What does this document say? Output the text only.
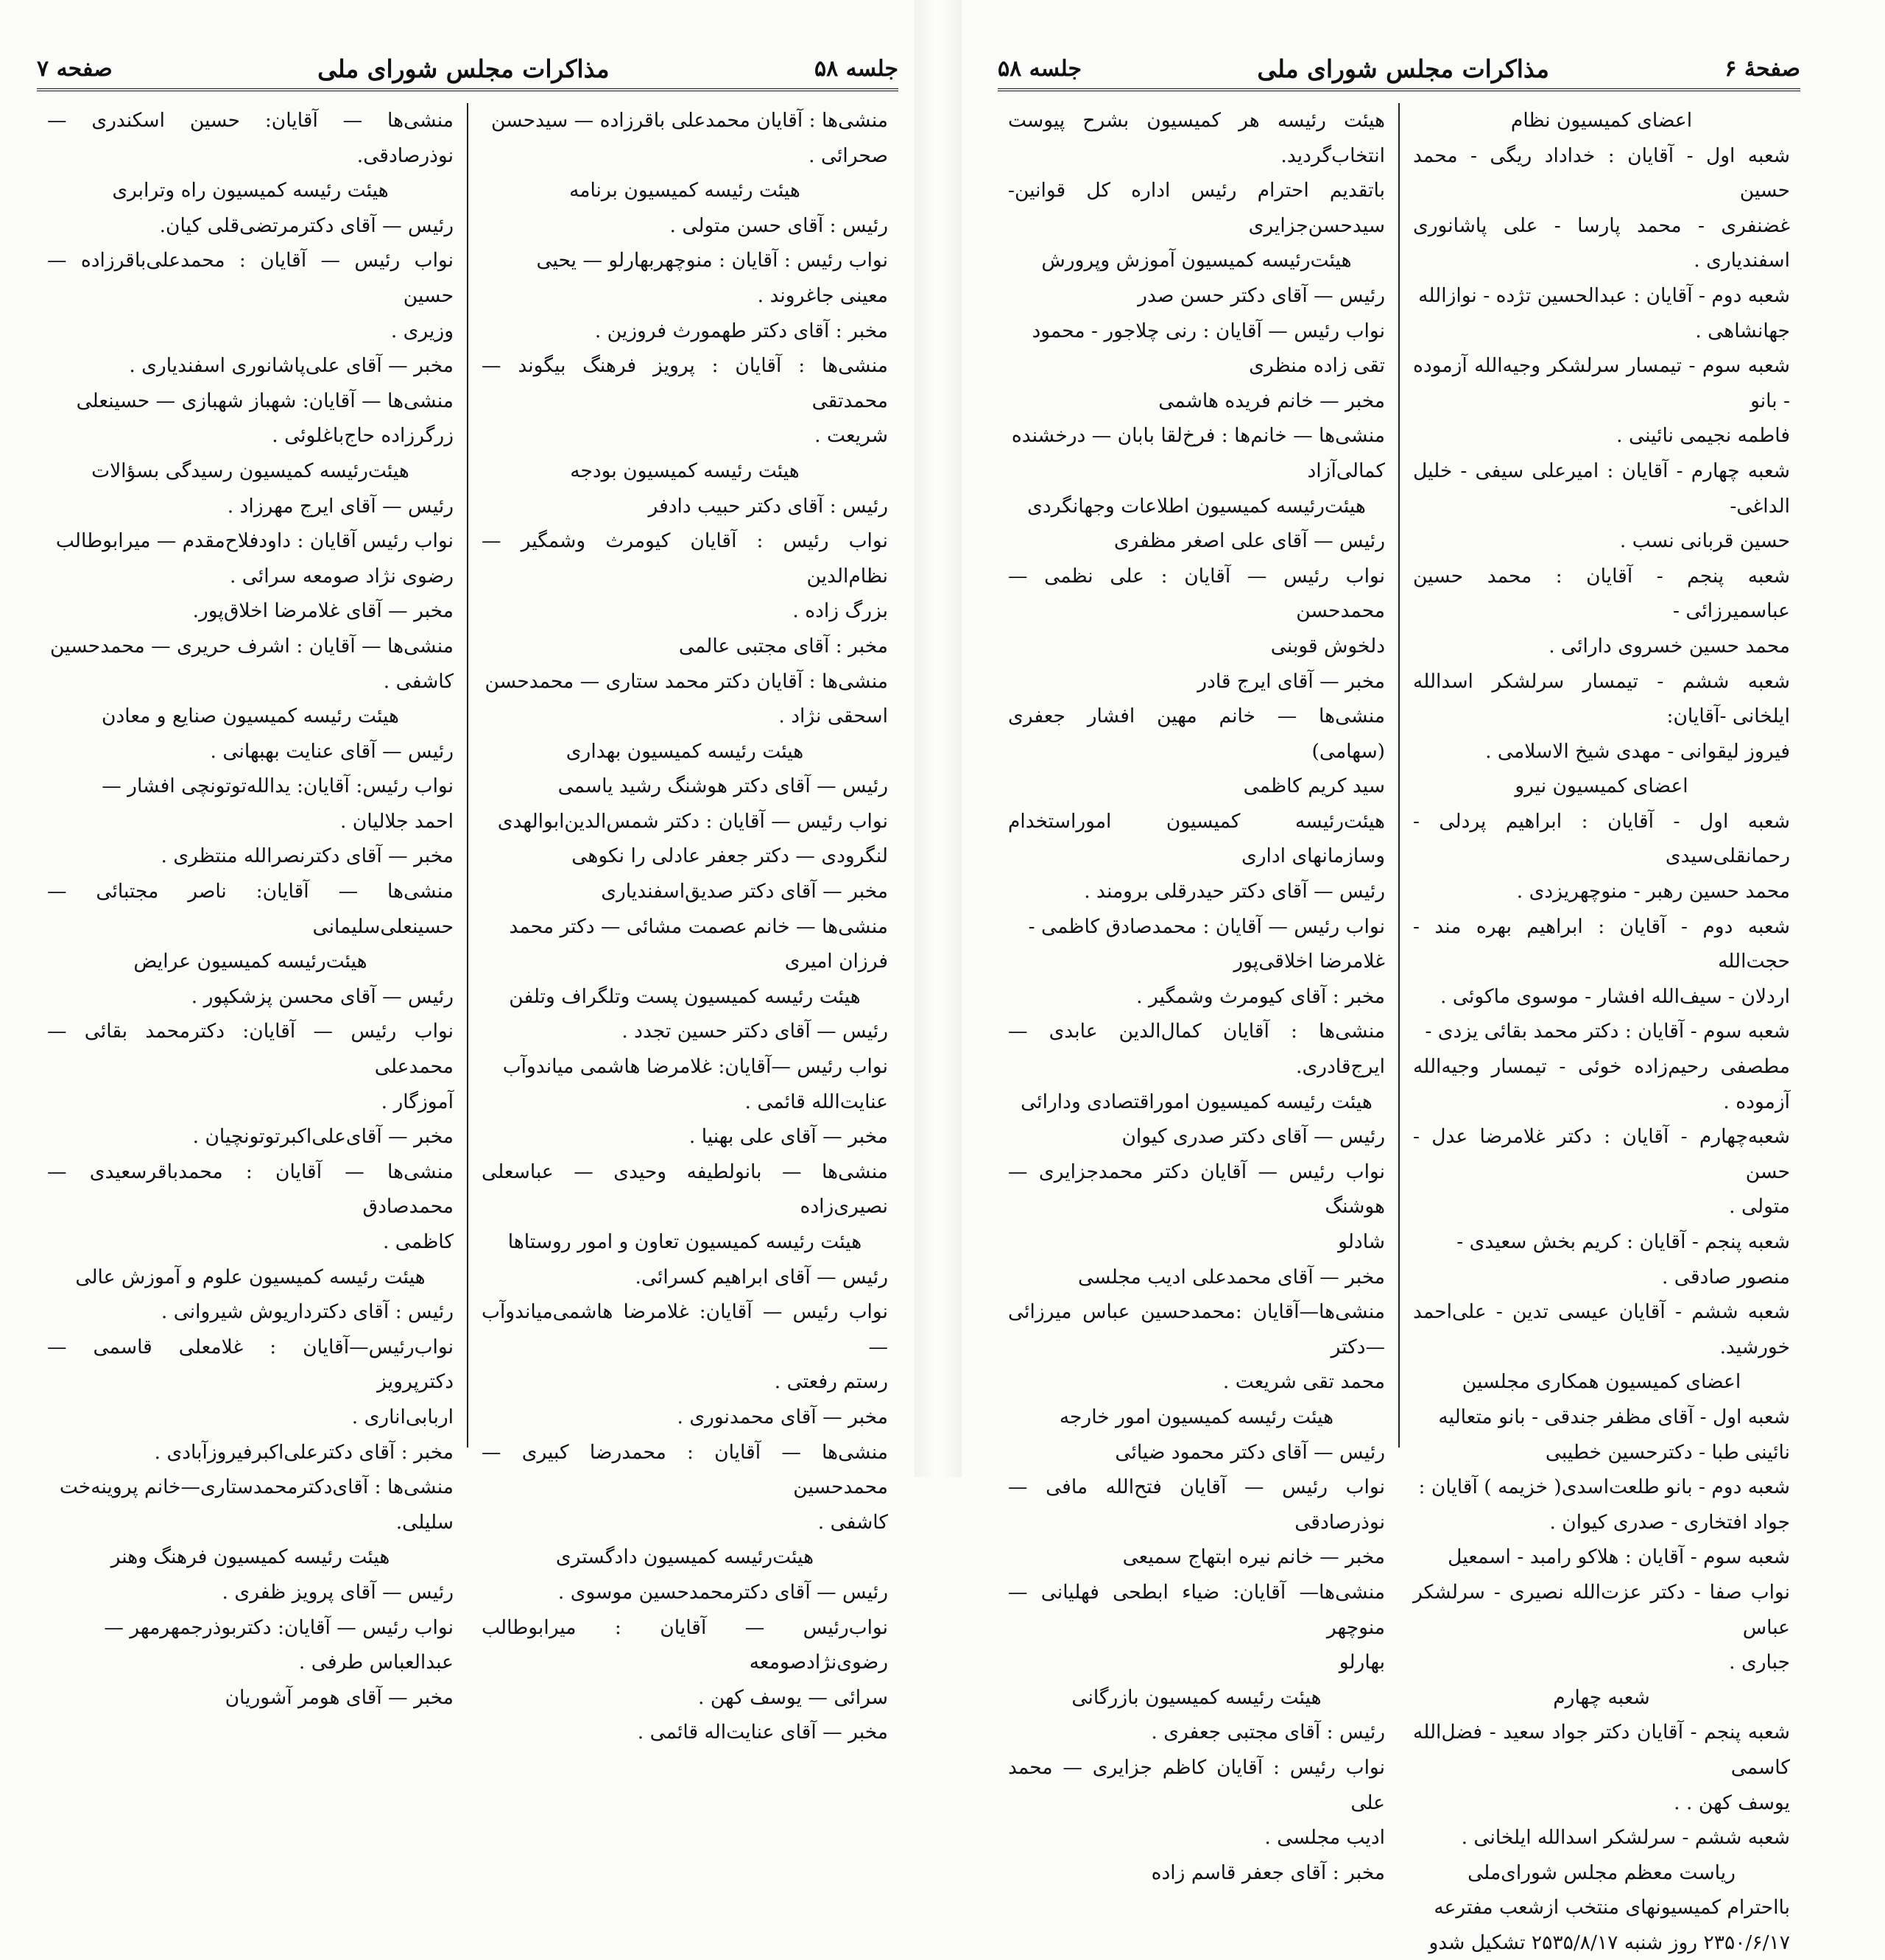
صفحهٔ ۶
مذاکرات مجلس شورای ملی
جلسه ۵۸

اعضای کمیسیون نظام

شعبه اول - آقایان : خداداد ریگی - محمد حسین

غضنفری - محمد پارسا - علی پاشانوری اسفندیاری .

شعبه دوم - آقایان : عبدالحسین تژده - نوازالله

جهانشاهی .

شعبه سوم - تیمسار سرلشکر وجیه‌الله آزموده - بانو

فاطمه نجیمی نائینی .

شعبه چهارم - آقایان : امیرعلی سیفی - خلیل الداغی-

حسین قربانی نسب .

شعبه پنجم - آقایان : محمد حسین عباسمیرزائی -

محمد حسین خسروی دارائی .

شعبه ششم - تیمسار سرلشکر اسدالله ایلخانی -آقایان:

فیروز لیقوانی - مهدی شیخ الاسلامی .

اعضای کمیسیون نیرو

شعبه اول - آقایان : ابراهیم پردلی - رحمانقلی‌سیدی

محمد حسین رهبر - منوچهریزدی .

شعبه دوم - آقایان : ابراهیم بهره مند - حجت‌الله

اردلان - سیف‌الله افشار - موسوی ماکوئی .

شعبه سوم - آقایان : دکتر محمد بقائی یزدی -

مطصفی رحیم‌زاده خوئی - تیمسار وجیه‌الله آزموده .

شعبه‌چهارم - آقایان : دکتر غلامرضا عدل - حسن

متولی .

شعبه پنجم - آقایان : کریم بخش سعیدی -

منصور صادقی .

شعبه ششم - آقایان عیسی تدین - علی‌احمد خورشید.

اعضای کمیسیون همکاری مجلسین

شعبه اول - آقای مظفر جندقی - بانو متعالیه

نائینی طبا - دکترحسین خطیبی

شعبه دوم - بانو طلعت‌اسدی( خزیمه ) آقایان :

جواد افتخاری - صدری کیوان .

شعبه سوم - آقایان : هلاکو رامبد - اسمعیل

نواب صفا - دکتر عزت‌الله نصیری - سرلشکر عباس

جباری .

شعبه چهارم

شعبه پنجم - آقایان دکتر جواد سعید - فضل‌الله کاسمی

یوسف کهن . .

شعبه ششم - سرلشکر اسدالله ایلخانی .

ریاست معظم مجلس شورای‌ملی

بااحترام کمیسیونهای منتخب ازشعب مفترعه

۲۳۵۰/۶/۱۷ روز شنبه ۲۵۳۵/۸/۱۷ تشکیل شدو

هیئت رئیسه هر کمیسیون بشرح پیوست انتخاب‌گردید.

باتقدیم احترام رئیس اداره کل قوانین-سیدحسن‌جزایری

هیئت‌رئیسه کمیسیون آموزش وپرورش

رئیس — آقای دکتر حسن صدر

نواب رئیس — آقایان : رنی چلاجور - محمود

تقی زاده منظری

مخبر — خانم فریده هاشمی

منشی‌ها — خانم‌ها : فرخ‌لقا بابان — درخشنده

کمالی‌آزاد

هیئت‌رئیسه کمیسیون اطلاعات وجهانگردی

رئیس — آقای علی اصغر مظفری

نواب رئیس — آقایان : علی نظمی — محمدحسن

دلخوش قوبنی

مخبر — آقای ایرج قادر

منشی‌ها — خانم مهین افشار جعفری (سهامی)

سید کریم کاظمی

هیئت‌رئیسه کمیسیون اموراستخدام وسازمانهای اداری

رئیس — آقای دکتر حیدرقلی برومند .

نواب رئیس — آقایان : محمدصادق کاظمی -

غلامرضا اخلاقی‌پور

مخبر : آقای کیومرث وشمگیر .

منشی‌ها : آقایان کمال‌الدین عابدی — ایرج‌قادری.

هیئت رئیسه کمیسیون اموراقتصادی ودارائی

رئیس — آقای دکتر صدری کیوان

نواب رئیس — آقایان دکتر محمدجزایری —هوشنگ

شادلو

مخبر — آقای محمدعلی ادیب مجلسی

منشی‌ها—آقایان :محمدحسین عباس میرزائی —دکتر

محمد تقی شریعت .

هیئت رئیسه کمیسیون امور خارجه

رئیس — آقای دکتر محمود ضیائی

نواب رئیس — آقایان فتح‌الله مافی — نوذرصادقی

مخبر — خانم نیره ابتهاج سمیعی

منشی‌ها— آقایان: ضیاء ابطحی فهلیانی — منوچهر

بهارلو

هیئت رئیسه کمیسیون بازرگانی

رئیس : آقای مجتبی جعفری .

نواب رئیس : آقایان کاظم جزایری — محمد علی

ادیب مجلسی .

مخبر : آقای جعفر قاسم زاده

جلسه ۵۸
مذاکرات مجلس شورای ملی
صفحه ۷

منشی‌ها : آقایان محمدعلی باقرزاده — سیدحسن

صحرائی .

هیئت رئیسه کمیسیون برنامه

رئیس : آقای حسن متولی .

نواب رئیس : آقایان : منوچهربهارلو — یحیی

معینی جاغروند .

مخبر : آقای دکتر طهمورث فروزین .

منشی‌ها : آقایان : پرویز فرهنگ بیگوند —محمدتقی

شریعت .

هیئت رئیسه کمیسیون بودجه

رئیس : آقای دکتر حبیب دادفر

نواب رئیس : آقایان کیومرث وشمگیر — نظام‌الدین

بزرگ زاده .

مخبر : آقای مجتبی عالمی

منشی‌ها : آقایان دکتر محمد ستاری — محمدحسن

اسحقی نژاد .

هیئت رئیسه کمیسیون بهداری

رئیس — آقای دکتر هوشنگ رشید یاسمی

نواب رئیس — آقایان : دکتر شمس‌الدین‌ابوالهدی

لنگرودی — دکتر جعفر عادلی را نکوهی

مخبر — آقای دکتر صدیق‌اسفندیاری

منشی‌ها — خانم عصمت مشائی — دکتر محمد

فرزان امیری

هیئت رئیسه کمیسیون پست وتلگراف وتلفن

رئیس — آقای دکتر حسین تجدد .

نواب رئیس —آقایان: غلامرضا هاشمی میاندوآب

عنایت‌الله قائمی .

مخبر — آقای علی بهنیا .

منشی‌ها — بانولطیفه وحیدی — عباسعلی نصیری‌زاده

هیئت رئیسه کمیسیون تعاون و امور روستاها

رئیس — آقای ابراهیم کسرائی.

نواب رئیس — آقایان: غلامرضا هاشمی‌میاندوآب —

رستم رفعتی .

مخبر — آقای محمدنوری .

منشی‌ها — آقایان : محمدرضا کبیری — محمدحسین

کاشفی .

هیئت‌رئیسه کمیسیون دادگستری

رئیس — آقای دکترمحمدحسین موسوی .

نواب‌رئیس — آقایان : میرابوطالب رضوی‌نژادصومعه

سرائی — یوسف کهن .

مخبر — آقای عنایت‌اله قائمی .

منشی‌ها — آقایان: حسین اسکندری — نوذرصادقی.

هیئت رئیسه کمیسیون راه وترابری

رئیس — آقای دکترمرتضی‌قلی کیان.

نواب رئیس — آقایان : محمدعلی‌باقرزاده — حسین

وزیری .

مخبر — آقای علی‌پاشانوری اسفندیاری .

منشی‌ها — آقایان: شهباز شهبازی — حسینعلی

زرگرزاده حاج‌باغلوئی .

هیئت‌رئیسه کمیسیون رسیدگی بسؤالات

رئیس — آقای ایرج مهرزاد .

نواب رئیس آقایان : داودفلاح‌مقدم — میرابوطالب

رضوی نژاد صومعه سرائی .

مخبر — آقای غلامرضا اخلاق‌پور.

منشی‌ها — آقایان : اشرف حریری — محمدحسین

کاشفی .

هیئت رئیسه کمیسیون صنایع و معادن

رئیس — آقای عنایت بهبهانی .

نواب رئیس: آقایان: یدالله‌توتونچی افشار —

احمد جلالیان .

مخبر — آقای دکترنصرالله منتظری .

منشی‌ها — آقایان: ناصر مجتبائی — حسینعلی‌سلیمانی

هیئت‌رئیسه کمیسیون عرایض

رئیس — آقای محسن پزشکپور .

نواب رئیس — آقایان: دکترمحمد بقائی — محمدعلی

آموزگار .

مخبر — آقای‌علی‌اکبرتوتونچیان .

منشی‌ها — آقایان : محمدباقرسعیدی — محمدصادق

کاظمی .

هیئت رئیسه کمیسیون علوم و آموزش عالی

رئیس : آقای دکترداریوش شیروانی .

نواب‌رئیس—آقایان : غلامعلی قاسمی — دکترپرویز

اربابی‌اناری .

مخبر : آقای دکترعلی‌اکبرفیروزآبادی .

منشی‌ها : آقای‌دکترمحمدستاری—خانم پروینه‌خت

سلیلی.

هیئت رئیسه کمیسیون فرهنگ وهنر

رئیس — آقای پرویز ظفری .

نواب رئیس — آقایان: دکتربوذرجمهرمهر —

عبدالعباس طرفی .

مخبر — آقای هومر آشوریان
